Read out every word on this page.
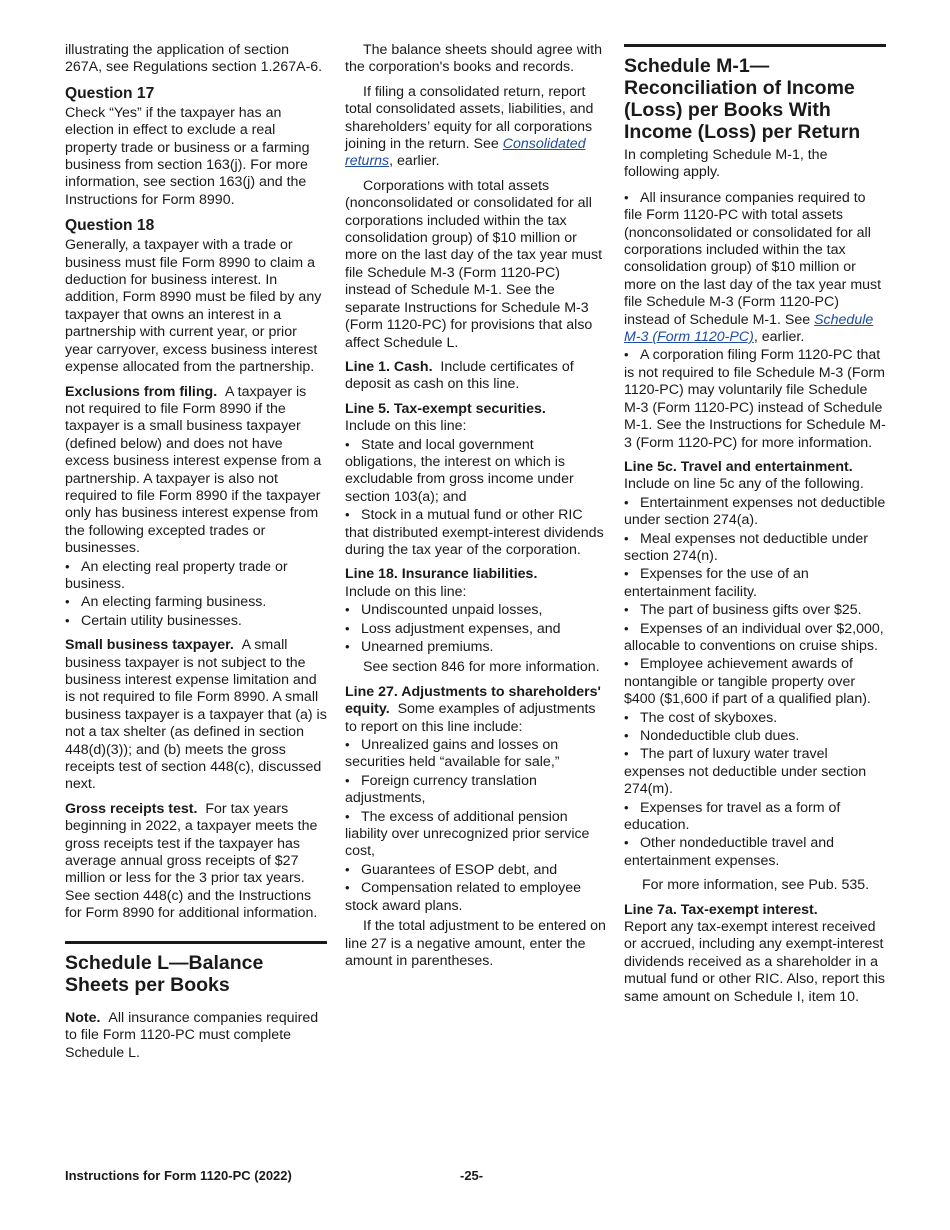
illustrating the application of section 267A, see Regulations section 1.267A-6.

Question 17

Check “Yes” if the taxpayer has an election in effect to exclude a real property trade or business or a farming business from section 163(j). For more information, see section 163(j) and the Instructions for Form 8990.

Question 18

Generally, a taxpayer with a trade or business must file Form 8990 to claim a deduction for business interest. In addition, Form 8990 must be filed by any taxpayer that owns an interest in a partnership with current year, or prior year carryover, excess business interest expense allocated from the partnership.

Exclusions from filing. A taxpayer is not required to file Form 8990 if the taxpayer is a small business taxpayer (defined below) and does not have excess business interest expense from a partnership. A taxpayer is also not required to file Form 8990 if the taxpayer only has business interest expense from the following excepted trades or businesses.

• An electing real property trade or business.
• An electing farming business.
• Certain utility businesses.

Small business taxpayer. A small business taxpayer is not subject to the business interest expense limitation and is not required to file Form 8990. A small business taxpayer is a taxpayer that (a) is not a tax shelter (as defined in section 448(d)(3)); and (b) meets the gross receipts test of section 448(c), discussed next.

Gross receipts test. For tax years beginning in 2022, a taxpayer meets the gross receipts test if the taxpayer has average annual gross receipts of $27 million or less for the 3 prior tax years. See section 448(c) and the Instructions for Form 8990 for additional information.

Schedule L—Balance Sheets per Books

Note. All insurance companies required to file Form 1120-PC must complete Schedule L.

The balance sheets should agree with the corporation's books and records.

If filing a consolidated return, report total consolidated assets, liabilities, and shareholders’ equity for all corporations joining in the return. See Consolidated returns, earlier.

Corporations with total assets (nonconsolidated or consolidated for all corporations included within the tax consolidation group) of $10 million or more on the last day of the tax year must file Schedule M-3 (Form 1120-PC) instead of Schedule M-1. See the separate Instructions for Schedule M-3 (Form 1120-PC) for provisions that also affect Schedule L.

Line 1. Cash. Include certificates of deposit as cash on this line.

Line 5. Tax-exempt securities.
Include on this line:
• State and local government obligations, the interest on which is excludable from gross income under section 103(a); and
• Stock in a mutual fund or other RIC that distributed exempt-interest dividends during the tax year of the corporation.
Line 18. Insurance liabilities.
Include on this line:
• Undiscounted unpaid losses,
• Loss adjustment expenses, and
• Unearned premiums.

See section 846 for more information.

Line 27. Adjustments to shareholders' equity. Some examples of adjustments to report on this line include:

• Unrealized gains and losses on securities held “available for sale,”
• Foreign currency translation adjustments,
• The excess of additional pension liability over unrecognized prior service cost,
• Guarantees of ESOP debt, and
• Compensation related to employee stock award plans.

If the total adjustment to be entered on line 27 is a negative amount, enter the amount in parentheses.

Schedule M-1—Reconciliation of Income (Loss) per Books With Income (Loss) per Return

In completing Schedule M-1, the following apply.

• All insurance companies required to file Form 1120-PC with total assets (nonconsolidated or consolidated for all corporations included within the tax consolidation group) of $10 million or more on the last day of the tax year must file Schedule M-3 (Form 1120-PC) instead of Schedule M-1. See Schedule M-3 (Form 1120-PC), earlier.
• A corporation filing Form 1120-PC that is not required to file Schedule M-3 (Form 1120-PC) may voluntarily file Schedule M-3 (Form 1120-PC) instead of Schedule M-1. See the Instructions for Schedule M-3 (Form 1120-PC) for more information.
Line 5c. Travel and entertainment.
Include on line 5c any of the following.
• Entertainment expenses not deductible under section 274(a).
• Meal expenses not deductible under section 274(n).
• Expenses for the use of an entertainment facility.
• The part of business gifts over $25.
• Expenses of an individual over $2,000, allocable to conventions on cruise ships.
• Employee achievement awards of nontangible or tangible property over $400 ($1,600 if part of a qualified plan).
• The cost of skyboxes.
• Nondeductible club dues.
• The part of luxury water travel expenses not deductible under section 274(m).
• Expenses for travel as a form of education.
• Other nondeductible travel and entertainment expenses.

For more information, see Pub. 535.

Line 7a. Tax-exempt interest.
Report any tax-exempt interest received or accrued, including any exempt-interest dividends received as a shareholder in a mutual fund or other RIC. Also, report this same amount on Schedule I, item 10.
Instructions for Form 1120-PC (2022)	-25-
